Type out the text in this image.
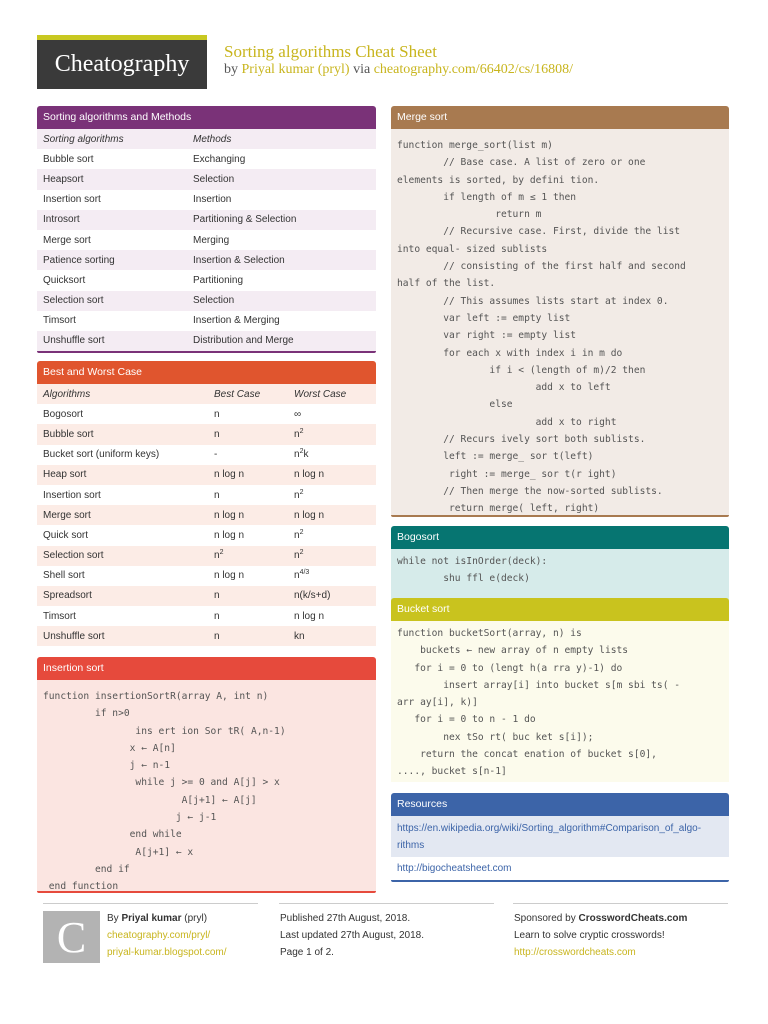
Cheatography	Sorting algorithms Cheat Sheet
by Priyal kumar (pryl) via cheatography.com/66402/cs/16808/
Sorting algorithms and Methods
Sorting algorithms	Methods
Bubble sort	Exchanging
Heapsort	Selection
Insertion sort	Insertion
Introsort	Partitioning & Selection
Merge sort	Merging
Patience sorting	Insertion & Selection
Quicksort	Partitioning
Selection sort	Selection
Timsort	Insertion & Merging
Unshuffle sort	Distribution and Merge
Best and Worst Case
Algorithms	Best Case	Worst Case
Bogosort	n	∞
Bubble sort	n	$n^2$
Bucket sort (uniform keys)	-	$n^2k$
Heap sort	n log n	n log n
Insertion sort	n	$n^2$
Merge sort	n log n	n log n
Quick sort	n log n	$n^2$
Selection sort	$n^2$	$n^2$
Shell sort	n log n	$n^{4/3}$
Spreadsort	n	n(k/s+d)
Timsort	n	n log n
Unshuffle sort	n	kn
Insertion sort
function insertionSortR(array A, int n)
if n>0
ins ert ion Sor tR( A,n-1)
x ← A[n]
j ← n-1
while j >= 0 and A[j] > x
A[j+1] ← A[j]
j ← j-1
end while
A[j+1] ← x
end if
end function
Merge sort
function merge_sort(list m)
// Base case. A list of zero or one
elements is sorted, by defini tion.
if length of m ≤ 1 then
return m
// Recursive case. First, divide the list
into equal- sized sublists
// consisting of the first half and second
half of the list.
// This assumes lists start at index 0.
var left := empty list
var right := empty list
for each x with index i in m do
if i < (length of m)/2 then
add x to left
else
add x to right
// Recurs ively sort both sublists.
left := merge_ sor t(left)
right := merge_ sor t(r ight)
// Then merge the now-sorted sublists.
return merge( left, right)
Bogosort
while not isInOrder(deck):
shu ffl e(deck)
Bucket sort
function bucketSort(array, n) is
buckets ← new array of n empty lists
for i = 0 to (lengt h(a rra y)-1) do
insert array[i] into bucket s[m sbi ts( -
arr ay[i], k)]
for i = 0 to n - 1 do
nex tSo rt( buc ket s[i]);
return the concat enation of bucket s[0],
...., bucket s[n-1]
Resources
https://en.wikipedia.org/wiki/Sorting_algorithm#Comparison_of_algo-rithms
http://bigocheatsheet.com
C	By Priyal kumar (pryl)
cheatography.com/pryl/
priyal-kumar.blogspot.com/
Published 27th August, 2018.
Last updated 27th August, 2018.
Page 1 of 2.
Sponsored by CrosswordCheats.com
Learn to solve cryptic crosswords!
http://crosswordcheats.com
